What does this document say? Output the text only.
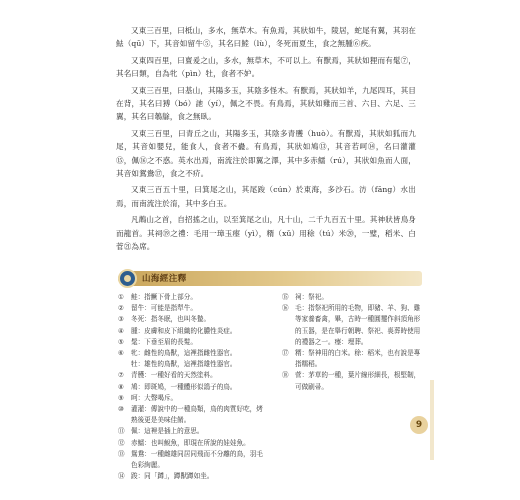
又東三百里，曰柢山，多水，無草木。有魚焉，其狀如牛，陵居，蛇尾有翼，其羽在魼（qū）下，其音如留牛⑤，其名曰鯥（lù），冬死而夏生，食之無腫⑥疾。

又東四百里，曰亶爰之山，多水，無草木，不可以上。有獸焉，其狀如狸而有髦⑦，其名曰類，自為牝（pìn）牡，食者不妒。

又東三百里，曰基山，其陽多玉，其陰多怪木。有獸焉，其狀如羊，九尾四耳，其目在背，其名曰猼（bó）訑（yí），佩之不畏。有鳥焉，其狀如雞而三首、六目、六足、三翼，其名曰鵸鵌，食之無臥。

又東三百里，曰青丘之山，其陽多玉，其陰多青雘（huò）。有獸焉，其狀如狐而九尾，其音如嬰兒，能食人，食者不蠱。有鳥焉，其狀如鳩⑬，其音若呵⑭，名曰灌灌⑮，佩⑯之不惑。英水出焉，南流注於即翼之澤，其中多赤鱬（rú），其狀如魚而人面，其音如鴛鴦⑰，食之不疥。

又東三百五十里，曰箕尾之山，其尾踆（cún）於東海，多沙石。汸（fāng）水出焉，而南流注於淯，其中多白玉。

凡鵲山之首，自招搖之山，以至箕尾之山，凡十山，二千九百五十里。其神狀皆鳥身而龍首。其祠⑲之禮：毛用一璋玉瘞（yì），糈（xǔ）用稌（tú）米⑳，一璧，稻米、白菅㉑為席。

山海經注釋
①	鮭：指鱖下骨上部分。
②	留牛：可能是指犁牛。
③	冬死：指冬眠，也叫冬蟄。
④	腫：皮膚和皮下組織的化膿性炎症。
⑤	髦：下垂至眉的長髮。
⑥	牝：雌性的鳥獸，這裡指雌性器官。
牡：雄性的鳥獸，這裡指雄性器官。
⑦	青雘：一種好看的天然塗料。
⑧	鳩：即斑鳩，一種體形似鴿子的鳥。
⑨	呵：大聲喝斥。
⑩	灌灌：傳說中的一種鳥類，鳥的肉質好吃，烤熟後更是美味佳餚。
⑪ 佩：這裡是插上的意思。
⑫ 赤鱬：也叫鯢魚，即現在所說的娃娃魚。
⑬ 鴛鴦：一種雌雄同居同飛而不分離的鳥，羽毛色彩絢麗。
⑭ 踆：同「蹲」，蹲獸蹲如坐。
⑮ 祠：祭祀。
⑯ 毛：指祭祀所用的毛物，即豬、羊、狗、雞等家養畜禽，畢，古時一種圓璽作斜頂角形的玉器，是在舉行朝聘、祭祀、喪葬時使用的禮器之一。瘞：埋葬。
⑰ 糈：祭神用的白米。稌：稻米，也有說是專指糯稻。
⑱ 菅：茅草的一種，葉片線形細長，根堅韌，可做刷帚。
9
